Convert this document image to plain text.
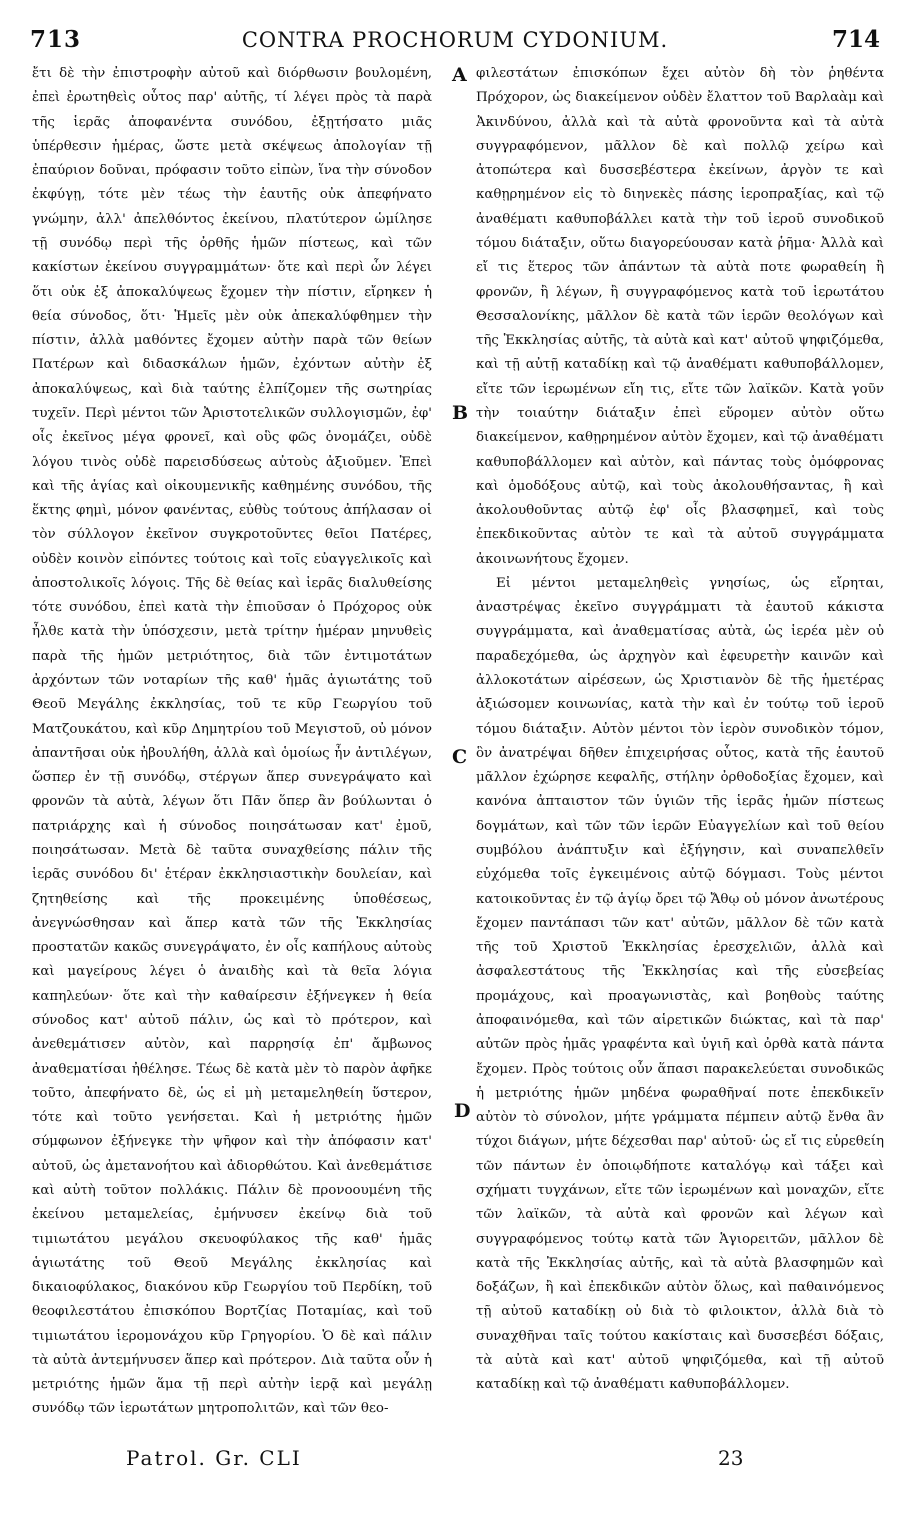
713	CONTRA PROCHORUM CYDONIUM.	714

ἔτι δὲ τὴν ἐπιστροφὴν αὐτοῦ καὶ διόρθωσιν βουλομένη, ἐπεὶ ἐρωτηθεὶς οὗτος παρ' αὐτῆς, τί λέγει πρὸς τὰ παρὰ τῆς ἱερᾶς ἀποφανέντα συνόδου, ἐξῃτήσατο μιᾶς ὑπέρθεσιν ἡμέρας, ὥστε μετὰ σκέψεως ἀπολογίαν τῇ ἐπαύριον δοῦναι, πρόφασιν τοῦτο εἰπὼν, ἵνα τὴν σύνοδον ἐκφύγῃ, τότε μὲν τέως τὴν ἑαυτῆς οὐκ ἀπεφήνατο γνώμην, ἀλλ' ἀπελθόντος ἐκείνου, πλατύτερον ὡμίλησε τῇ συνόδῳ περὶ τῆς ὀρθῆς ἡμῶν πίστεως, καὶ τῶν κακίστων ἐκείνου συγγραμμάτων· ὅτε καὶ περὶ ὧν λέγει ὅτι οὐκ ἐξ ἀποκαλύψεως ἔχομεν τὴν πίστιν, εἴρηκεν ἡ θεία σύνοδος, ὅτι· Ἡμεῖς μὲν οὐκ ἀπεκαλύφθημεν τὴν πίστιν, ἀλλὰ μαθόντες ἔχομεν αὐτὴν παρὰ τῶν θείων Πατέρων καὶ διδασκάλων ἡμῶν, ἐχόντων αὐτὴν ἐξ ἀποκαλύψεως, καὶ διὰ ταύτης ἐλπίζομεν τῆς σωτηρίας τυχεῖν. Περὶ μέντοι τῶν Ἀριστοτελικῶν συλλογισμῶν, ἐφ' οἷς ἐκεῖνος μέγα φρονεῖ, καὶ οὓς φῶς ὀνομάζει, οὐδὲ λόγου τινὸς οὐδὲ παρεισδύσεως αὐτοὺς ἀξιοῦμεν. Ἐπεὶ καὶ τῆς ἁγίας καὶ οἰκουμενικῆς καθημένης συνόδου, τῆς ἕκτης φημὶ, μόνον φανέντας, εὐθὺς τούτους ἀπήλασαν οἱ τὸν σύλλογον ἐκεῖνον συγκροτοῦντες θεῖοι Πατέρες, οὐδὲν κοινὸν εἰπόντες τούτοις καὶ τοῖς εὐαγγελικοῖς καὶ ἀποστολικοῖς λόγοις. Τῆς δὲ θείας καὶ ἱερᾶς διαλυθείσης τότε συνόδου, ἐπεὶ κατὰ τὴν ἐπιοῦσαν ὁ Πρόχορος οὐκ ἦλθε κατὰ τὴν ὑπόσχεσιν, μετὰ τρίτην ἡμέραν μηνυθεὶς παρὰ τῆς ἡμῶν μετριότητος, διὰ τῶν ἐντιμοτάτων ἀρχόντων τῶν νοταρίων τῆς καθ' ἡμᾶς ἁγιωτάτης τοῦ Θεοῦ Μεγάλης ἐκκλησίας, τοῦ τε κῦρ Γεωργίου τοῦ Ματζουκάτου, καὶ κῦρ Δημητρίου τοῦ Μεγιστοῦ, οὐ μόνον ἀπαντῆσαι οὐκ ἠβουλήθη, ἀλλὰ καὶ ὁμοίως ἦν ἀντιλέγων, ὥσπερ ἐν τῇ συνόδῳ, στέργων ἅπερ συνεγράψατο καὶ φρονῶν τὰ αὐτὰ, λέγων ὅτι Πᾶν ὅπερ ἂν βούλωνται ὁ πατριάρχης καὶ ἡ σύνοδος ποιησάτωσαν κατ' ἐμοῦ, ποιησάτωσαν. Μετὰ δὲ ταῦτα συναχθείσης πάλιν τῆς ἱερᾶς συνόδου δι' ἑτέραν ἐκκλησιαστικὴν δουλείαν, καὶ ζητηθείσης καὶ τῆς προκειμένης ὑποθέσεως, ἀνεγνώσθησαν καὶ ἅπερ κατὰ τῶν τῆς Ἐκκλησίας προστατῶν κακῶς συνεγράψατο, ἐν οἷς καπήλους αὐτοὺς καὶ μαγείρους λέγει ὁ ἀναιδὴς καὶ τὰ θεῖα λόγια καπηλεύων· ὅτε καὶ τὴν καθαίρεσιν ἐξήνεγκεν ἡ θεία σύνοδος κατ' αὐτοῦ πάλιν, ὡς καὶ τὸ πρότερον, καὶ ἀνεθεμάτισεν αὐτὸν, καὶ παρρησίᾳ ἐπ' ἄμβωνος ἀναθεματίσαι ἠθέλησε. Τέως δὲ κατὰ μὲν τὸ παρὸν ἀφῆκε τοῦτο, ἀπεφήνατο δὲ, ὡς εἰ μὴ μεταμεληθείη ὕστερον, τότε καὶ τοῦτο γενήσεται. Καὶ ἡ μετριότης ἡμῶν σύμφωνον ἐξήνεγκε τὴν ψῆφον καὶ τὴν ἀπόφασιν κατ' αὐτοῦ, ὡς ἀμετανοήτου καὶ ἀδιορθώτου. Καὶ ἀνεθεμάτισε καὶ αὐτὴ τοῦτον πολλάκις. Πάλιν δὲ προνοουμένη τῆς ἐκείνου μεταμελείας, ἐμήνυσεν ἐκείνῳ διὰ τοῦ τιμιωτάτου μεγάλου σκευοφύλακος τῆς καθ' ἡμᾶς ἁγιωτάτης τοῦ Θεοῦ Μεγάλης ἐκκλησίας καὶ δικαιοφύλακος, διακόνου κῦρ Γεωργίου τοῦ Περδίκη, τοῦ θεοφιλεστάτου ἐπισκόπου Βορτζίας Ποταμίας, καὶ τοῦ τιμιωτάτου ἱερομονάχου κῦρ Γρηγορίου. Ὁ δὲ καὶ πάλιν τὰ αὐτὰ ἀντεμήνυσεν ἅπερ καὶ πρότερον. Διὰ ταῦτα οὖν ἡ μετριότης ἡμῶν ἅμα τῇ περὶ αὐτὴν ἱερᾷ καὶ μεγάλῃ συνόδῳ τῶν ἱερωτάτων μητροπολιτῶν, καὶ τῶν θεο-

A
B
C
D

φιλεστάτων ἐπισκόπων ἔχει αὐτὸν δὴ τὸν ῥηθέντα Πρόχορον, ὡς διακείμενον οὐδὲν ἔλαττον τοῦ Βαρλαὰμ καὶ Ἀκινδύνου, ἀλλὰ καὶ τὰ αὐτὰ φρονοῦντα καὶ τὰ αὐτὰ συγγραφόμενον, μᾶλλον δὲ καὶ πολλῷ χείρω καὶ ἀτοπώτερα καὶ δυσσεβέστερα ἐκείνων, ἀργὸν τε καὶ καθῃρημένον εἰς τὸ διηνεκὲς πάσης ἱεροπραξίας, καὶ τῷ ἀναθέματι καθυποβάλλει κατὰ τὴν τοῦ ἱεροῦ συνοδικοῦ τόμου διάταξιν, οὕτω διαγορεύουσαν κατὰ ῥῆμα· Ἀλλὰ καὶ εἴ τις ἕτερος τῶν ἁπάντων τὰ αὐτὰ ποτε φωραθείη ἢ φρονῶν, ἢ λέγων, ἢ συγγραφόμενος κατὰ τοῦ ἱερωτάτου Θεσσαλονίκης, μᾶλλον δὲ κατὰ τῶν ἱερῶν θεολόγων καὶ τῆς Ἐκκλησίας αὐτῆς, τὰ αὐτὰ καὶ κατ' αὐτοῦ ψηφιζόμεθα, καὶ τῇ αὐτῇ καταδίκῃ καὶ τῷ ἀναθέματι καθυποβάλλομεν, εἴτε τῶν ἱερωμένων εἴη τις, εἴτε τῶν λαϊκῶν. Κατὰ γοῦν τὴν τοιαύτην διάταξιν ἐπεὶ εὕρομεν αὐτὸν οὕτω διακείμενον, καθῃρημένον αὐτὸν ἔχομεν, καὶ τῷ ἀναθέματι καθυποβάλλομεν καὶ αὐτὸν, καὶ πάντας τοὺς ὁμόφρονας καὶ ὁμοδόξους αὐτῷ, καὶ τοὺς ἀκολουθήσαντας, ἢ καὶ ἀκολουθοῦντας αὐτῷ ἐφ' οἷς βλασφημεῖ, καὶ τοὺς ἐπεκδικοῦντας αὐτὸν τε καὶ τὰ αὐτοῦ συγγράμματα ἀκοινωνήτους ἔχομεν.

Εἰ μέντοι μεταμεληθεὶς γνησίως, ὡς εἴρηται, ἀναστρέψας ἐκεῖνο συγγράμματι τὰ ἑαυτοῦ κάκιστα συγγράμματα, καὶ ἀναθεματίσας αὐτὰ, ὡς ἱερέα μὲν οὐ παραδεχόμεθα, ὡς ἀρχηγὸν καὶ ἐφευρετὴν καινῶν καὶ ἀλλοκοτάτων αἱρέσεων, ὡς Χριστιανὸν δὲ τῆς ἡμετέρας ἀξιώσομεν κοινωνίας, κατὰ τὴν καὶ ἐν τούτῳ τοῦ ἱεροῦ τόμου διάταξιν. Αὐτὸν μέντοι τὸν ἱερὸν συνοδικὸν τόμον, ὃν ἀνατρέψαι δῆθεν ἐπιχειρήσας οὗτος, κατὰ τῆς ἑαυτοῦ μᾶλλον ἐχώρησε κεφαλῆς, στήλην ὀρθοδοξίας ἔχομεν, καὶ κανόνα ἀπταιστον τῶν ὑγιῶν τῆς ἱερᾶς ἡμῶν πίστεως δογμάτων, καὶ τῶν τῶν ἱερῶν Εὐαγγελίων καὶ τοῦ θείου συμβόλου ἀνάπτυξιν καὶ ἐξήγησιν, καὶ συναπελθεῖν εὐχόμεθα τοῖς ἐγκειμένοις αὐτῷ δόγμασι. Τοὺς μέντοι κατοικοῦντας ἐν τῷ ἁγίῳ ὄρει τῷ Ἄθῳ οὐ μόνον ἀνωτέρους ἔχομεν παντάπασι τῶν κατ' αὐτῶν, μᾶλλον δὲ τῶν κατὰ τῆς τοῦ Χριστοῦ Ἐκκλησίας ἐρεσχελιῶν, ἀλλὰ καὶ ἀσφαλεστάτους τῆς Ἐκκλησίας καὶ τῆς εὐσεβείας προμάχους, καὶ προαγωνιστὰς, καὶ βοηθοὺς ταύτης ἀποφαινόμεθα, καὶ τῶν αἱρετικῶν διώκτας, καὶ τὰ παρ' αὐτῶν πρὸς ἡμᾶς γραφέντα καὶ ὑγιῆ καὶ ὀρθὰ κατὰ πάντα ἔχομεν. Πρὸς τούτοις οὖν ἅπασι παρακελεύεται συνοδικῶς ἡ μετριότης ἡμῶν μηδένα φωραθῆναί ποτε ἐπεκδικεῖν αὐτὸν τὸ σύνολον, μήτε γράμματα πέμπειν αὐτῷ ἔνθα ἂν τύχοι διάγων, μήτε δέχεσθαι παρ' αὐτοῦ· ὡς εἴ τις εὑρεθείη τῶν πάντων ἐν ὁποιῳδήποτε καταλόγῳ καὶ τάξει καὶ σχήματι τυγχάνων, εἴτε τῶν ἱερωμένων καὶ μοναχῶν, εἴτε τῶν λαϊκῶν, τὰ αὐτὰ καὶ φρονῶν καὶ λέγων καὶ συγγραφόμενος τούτῳ κατὰ τῶν Ἁγιορειτῶν, μᾶλλον δὲ κατὰ τῆς Ἐκκλησίας αὐτῆς, καὶ τὰ αὐτὰ βλασφημῶν καὶ δοξάζων, ἢ καὶ ἐπεκδικῶν αὐτὸν ὅλως, καὶ παθαινόμενος τῇ αὐτοῦ καταδίκῃ οὐ διὰ τὸ φιλοικτον, ἀλλὰ διὰ τὸ συναχθῆναι ταῖς τούτου κακίσταις καὶ δυσσεβέσι δόξαις, τὰ αὐτὰ καὶ κατ' αὐτοῦ ψηφιζόμεθα, καὶ τῇ αὐτοῦ καταδίκῃ καὶ τῷ ἀναθέματι καθυποβάλλομεν.

Patrol. Gr. CLI	23
